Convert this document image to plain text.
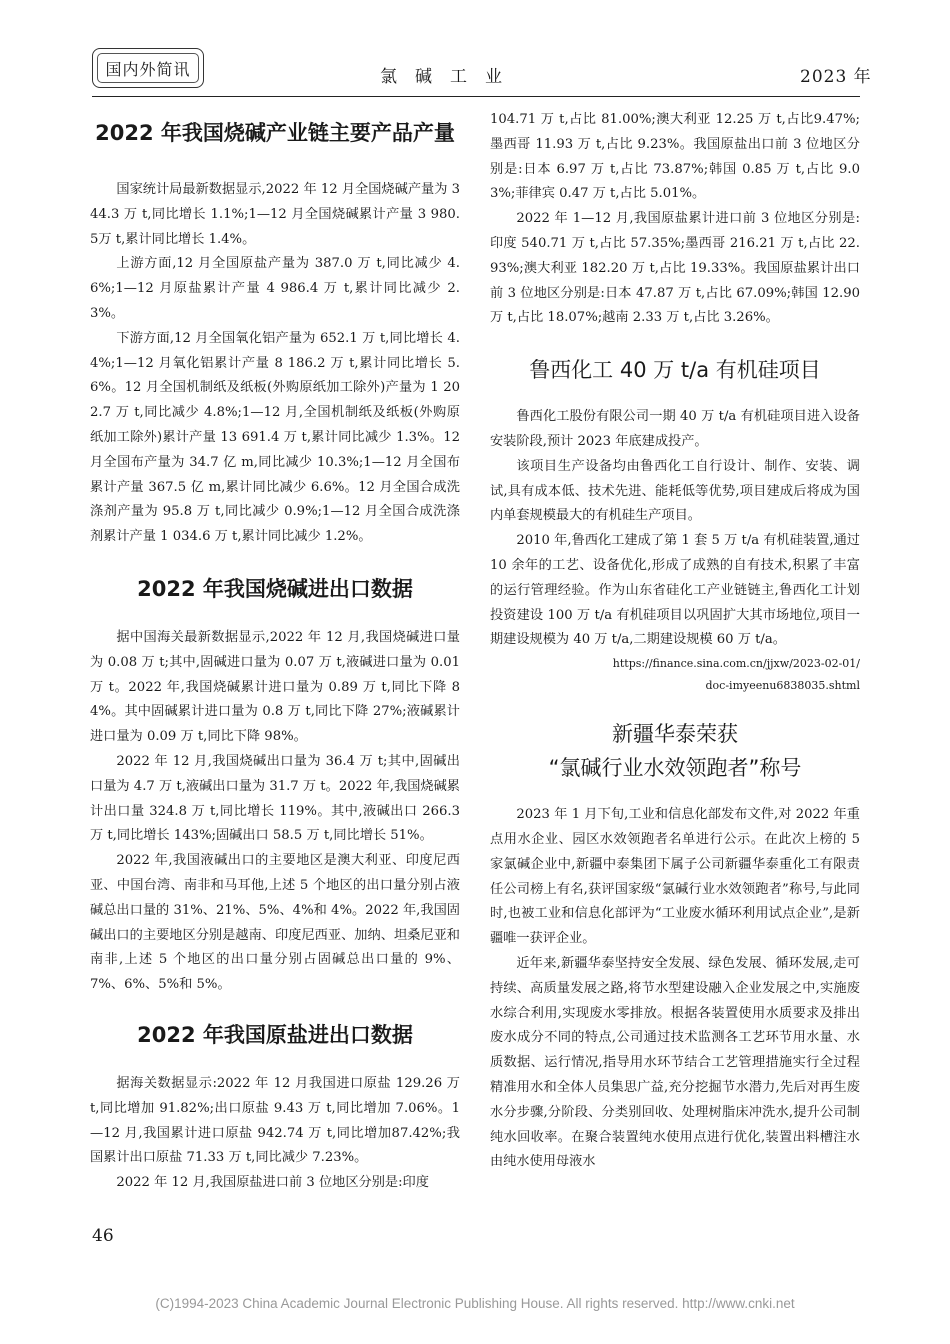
国内外简讯	氯碱工业	2023 年
2022 年我国烧碱产业链主要产品产量

国家统计局最新数据显示,2022 年 12 月全国烧碱产量为 344.3 万 t,同比增长 1.1%;1—12 月全国烧碱累计产量 3 980.5万 t,累计同比增长 1.4%。

上游方面,12 月全国原盐产量为 387.0 万 t,同比减少 4.6%;1—12 月原盐累计产量 4 986.4 万 t,累计同比减少 2.3%。

下游方面,12 月全国氧化铝产量为 652.1 万 t,同比增长 4.4%;1—12 月氧化铝累计产量 8 186.2 万 t,累计同比增长 5.6%。12 月全国机制纸及纸板(外购原纸加工除外)产量为 1 202.7 万 t,同比减少 4.8%;1—12 月,全国机制纸及纸板(外购原纸加工除外)累计产量 13 691.4 万 t,累计同比减少 1.3%。12 月全国布产量为 34.7 亿 m,同比减少 10.3%;1—12 月全国布累计产量 367.5 亿 m,累计同比减少 6.6%。12 月全国合成洗涤剂产量为 95.8 万 t,同比减少 0.9%;1—12 月全国合成洗涤剂累计产量 1 034.6 万 t,累计同比减少 1.2%。

2022 年我国烧碱进出口数据

据中国海关最新数据显示,2022 年 12 月,我国烧碱进口量为 0.08 万 t;其中,固碱进口量为 0.07 万 t,液碱进口量为 0.01 万 t。2022 年,我国烧碱累计进口量为 0.89 万 t,同比下降 84%。其中固碱累计进口量为 0.8 万 t,同比下降 27%;液碱累计进口量为 0.09 万 t,同比下降 98%。

2022 年 12 月,我国烧碱出口量为 36.4 万 t;其中,固碱出口量为 4.7 万 t,液碱出口量为 31.7 万 t。2022 年,我国烧碱累计出口量 324.8 万 t,同比增长 119%。其中,液碱出口 266.3 万 t,同比增长 143%;固碱出口 58.5 万 t,同比增长 51%。

2022 年,我国液碱出口的主要地区是澳大利亚、印度尼西亚、中国台湾、南非和马耳他,上述 5 个地区的出口量分别占液碱总出口量的 31%、21%、5%、4%和 4%。2022 年,我国固碱出口的主要地区分别是越南、印度尼西亚、加纳、坦桑尼亚和南非,上述 5 个地区的出口量分别占固碱总出口量的 9%、7%、6%、5%和 5%。

2022 年我国原盐进出口数据

据海关数据显示:2022 年 12 月我国进口原盐 129.26 万 t,同比增加 91.82%;出口原盐 9.43 万 t,同比增加 7.06%。1—12 月,我国累计进口原盐 942.74 万 t,同比增加87.42%;我国累计出口原盐 71.33 万 t,同比减少 7.23%。

2022 年 12 月,我国原盐进口前 3 位地区分别是:印度

104.71 万 t,占比 81.00%;澳大利亚 12.25 万 t,占比9.47%;墨西哥 11.93 万 t,占比 9.23%。我国原盐出口前 3 位地区分别是:日本 6.97 万 t,占比 73.87%;韩国 0.85 万 t,占比 9.03%;菲律宾 0.47 万 t,占比 5.01%。

2022 年 1—12 月,我国原盐累计进口前 3 位地区分别是:印度 540.71 万 t,占比 57.35%;墨西哥 216.21 万 t,占比 22.93%;澳大利亚 182.20 万 t,占比 19.33%。我国原盐累计出口前 3 位地区分别是:日本 47.87 万 t,占比 67.09%;韩国 12.90 万 t,占比 18.07%;越南 2.33 万 t,占比 3.26%。

鲁西化工 40 万 t/a 有机硅项目

鲁西化工股份有限公司一期 40 万 t/a 有机硅项目进入设备安装阶段,预计 2023 年底建成投产。

该项目生产设备均由鲁西化工自行设计、制作、安装、调试,具有成本低、技术先进、能耗低等优势,项目建成后将成为国内单套规模最大的有机硅生产项目。

2010 年,鲁西化工建成了第 1 套 5 万 t/a 有机硅装置,通过 10 余年的工艺、设备优化,形成了成熟的自有技术,积累了丰富的运行管理经验。作为山东省硅化工产业链链主,鲁西化工计划投资建设 100 万 t/a 有机硅项目以巩固扩大其市场地位,项目一期建设规模为 40 万 t/a,二期建设规模 60 万 t/a。

https://finance.sina.com.cn/jjxw/2023-02-01/

doc-imyeenu6838035.shtml

新疆华泰荣获
“氯碱行业水效领跑者”称号

2023 年 1 月下旬,工业和信息化部发布文件,对 2022 年重点用水企业、园区水效领跑者名单进行公示。在此次上榜的 5 家氯碱企业中,新疆中泰集团下属子公司新疆华泰重化工有限责任公司榜上有名,获评国家级“氯碱行业水效领跑者”称号,与此同时,也被工业和信息化部评为“工业废水循环利用试点企业”,是新疆唯一获评企业。

近年来,新疆华泰坚持安全发展、绿色发展、循环发展,走可持续、高质量发展之路,将节水型建设融入企业发展之中,实施废水综合利用,实现废水零排放。根据各装置使用水质要求及排出废水成分不同的特点,公司通过技术监测各工艺环节用水量、水质数据、运行情况,指导用水环节结合工艺管理措施实行全过程精准用水和全体人员集思广益,充分挖掘节水潜力,先后对再生废水分步骤,分阶段、分类别回收、处理树脂床冲洗水,提升公司制纯水回收率。在聚合装置纯水使用点进行优化,装置出料槽注水由纯水使用母液水

46
(C)1994-2023 China Academic Journal Electronic Publishing House. All rights reserved. http://www.cnki.net
